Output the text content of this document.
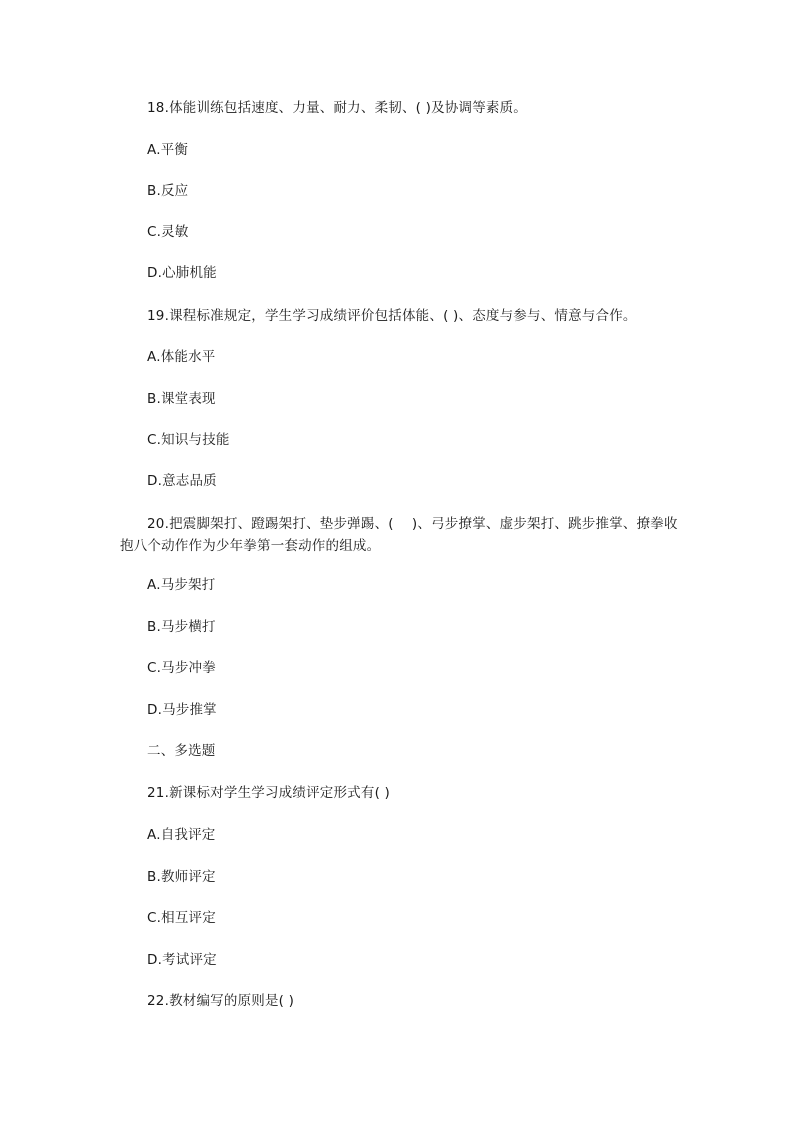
18.体能训练包括速度、力量、耐力、柔韧、( )及协调等素质。
A.平衡
B.反应
C.灵敏
D.心肺机能
19.课程标准规定，学生学习成绩评价包括体能、( )、态度与参与、情意与合作。
A.体能水平
B.课堂表现
C.知识与技能
D.意志品质
20.把震脚架打、蹬踢架打、垫步弹踢、(　 )、弓步撩掌、虚步架打、跳步推掌、撩拳收抱八个动作作为少年拳第一套动作的组成。
A.马步架打
B.马步横打
C.马步冲拳
D.马步推掌
二、多选题
21.新课标对学生学习成绩评定形式有( )
A.自我评定
B.教师评定
C.相互评定
D.考试评定
22.教材编写的原则是( )
